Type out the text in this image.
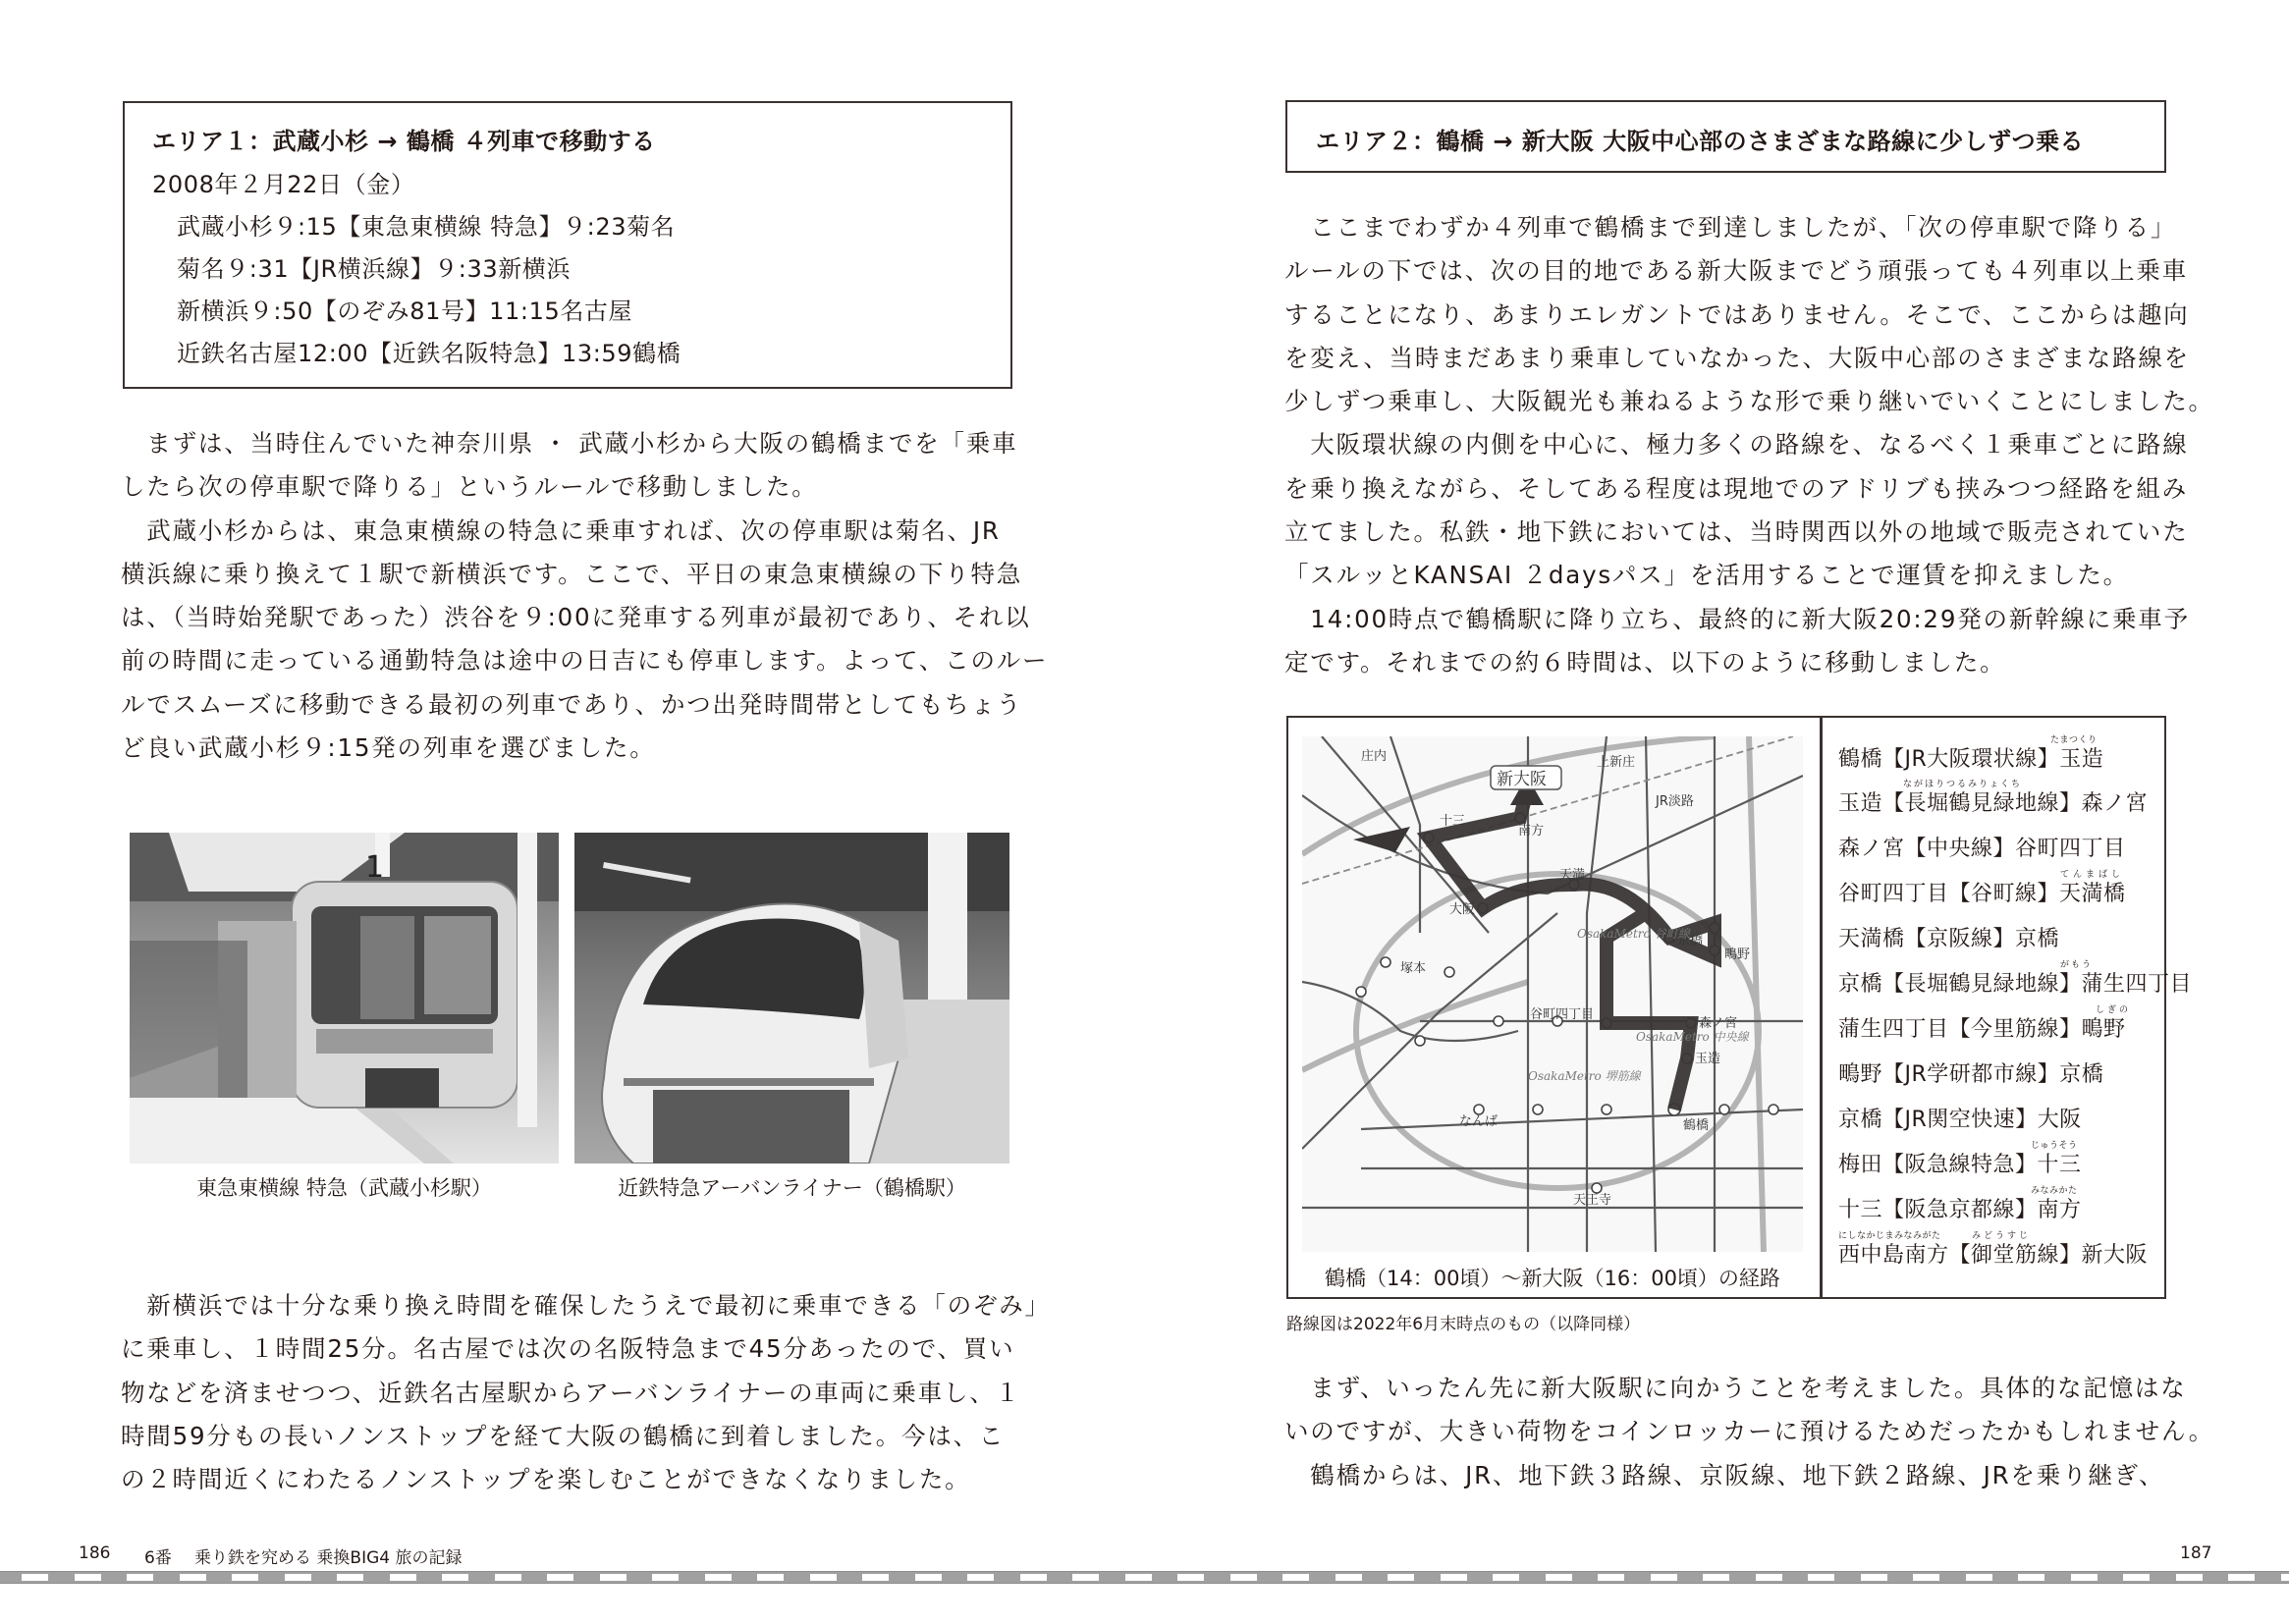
エリア１：武蔵小杉 → 鶴橋 ４列車で移動する
2008年２月22日（金）
武蔵小杉９:15【東急東横線 特急】９:23菊名
菊名９:31【JR横浜線】９:33新横浜
新横浜９:50【のぞみ81号】11:15名古屋
近鉄名古屋12:00【近鉄名阪特急】13:59鶴橋

　まずは、当時住んでいた神奈川県 ・ 武蔵小杉から大阪の鶴橋までを「乗車

したら次の停車駅で降りる」というルールで移動しました。

　武蔵小杉からは、東急東横線の特急に乗車すれば、次の停車駅は菊名、JR

横浜線に乗り換えて１駅で新横浜です。ここで、平日の東急東横線の下り特急

は、（当時始発駅であった）渋谷を９:00に発車する列車が最初であり、それ以

前の時間に走っている通勤特急は途中の日吉にも停車します。よって、このルー

ルでスムーズに移動できる最初の列車であり、かつ出発時間帯としてもちょう

ど良い武蔵小杉９:15発の列車を選びました。

1
東急東横線 特急（武蔵小杉駅）	近鉄特急アーバンライナー（鶴橋駅）

　新横浜では十分な乗り換え時間を確保したうえで最初に乗車できる「のぞみ」

に乗車し、１時間25分。名古屋では次の名阪特急まで45分あったので、買い

物などを済ませつつ、近鉄名古屋駅からアーバンライナーの車両に乗車し、１

時間59分もの長いノンストップを経て大阪の鶴橋に到着しました。今は、こ

の２時間近くにわたるノンストップを楽しむことができなくなりました。

186 6番 乗り鉄を究める 乗換BIG4 旅の記録
エリア２：鶴橋 → 新大阪 大阪中心部のさまざまな路線に少しずつ乗る

　ここまでわずか４列車で鶴橋まで到達しましたが、「次の停車駅で降りる」

ルールの下では、次の目的地である新大阪までどう頑張っても４列車以上乗車

することになり、あまりエレガントではありません。そこで、ここからは趣向

を変え、当時まだあまり乗車していなかった、大阪中心部のさまざまな路線を

少しずつ乗車し、大阪観光も兼ねるような形で乗り継いでいくことにしました。

　大阪環状線の内側を中心に、極力多くの路線を、なるべく１乗車ごとに路線

を乗り換えながら、そしてある程度は現地でのアドリブも挟みつつ経路を組み

立てました。私鉄・地下鉄においては、当時関西以外の地域で販売されていた

「スルッとKANSAI ２daysパス」を活用することで運賃を抑えました。

　14:00時点で鶴橋駅に降り立ち、最終的に新大阪20:29発の新幹線に乗車予

定です。それまでの約６時間は、以下のように移動しました。

新大阪
大阪
天満
京橋
森ノ宮
玉造
鶴橋
谷町四丁目
塚本
なんば
天王寺
鴫野
庄内
十三
南方
上新庄
JR淡路
OsakaMetro 谷町線
OsakaMetro 中央線
OsakaMetro 堺筋線
鶴橋（14：00頃）～新大阪（16：00頃）の経路
鶴橋【JR大阪環状線】玉造
たまつくり
玉造【長堀鶴見緑地線】森ノ宮
ながほりつるみりょくち
森ノ宮【中央線】谷町四丁目
谷町四丁目【谷町線】天満橋
てんまばし
天満橋【京阪線】京橋
京橋【長堀鶴見緑地線】蒲生四丁目
がもう
蒲生四丁目【今里筋線】鴫野
しぎの
鴫野【JR学研都市線】京橋
京橋【JR関空快速】大阪
梅田【阪急線特急】十三
じゅうそう
十三【阪急京都線】南方
みなみかた
西中島南方【御堂筋線】新大阪
にしなかじまみなみがた	みどうすじ
路線図は2022年6月末時点のもの（以降同様）

　まず、いったん先に新大阪駅に向かうことを考えました。具体的な記憶はな

いのですが、大きい荷物をコインロッカーに預けるためだったかもしれません。

　鶴橋からは、JR、地下鉄３路線、京阪線、地下鉄２路線、JRを乗り継ぎ、

187
